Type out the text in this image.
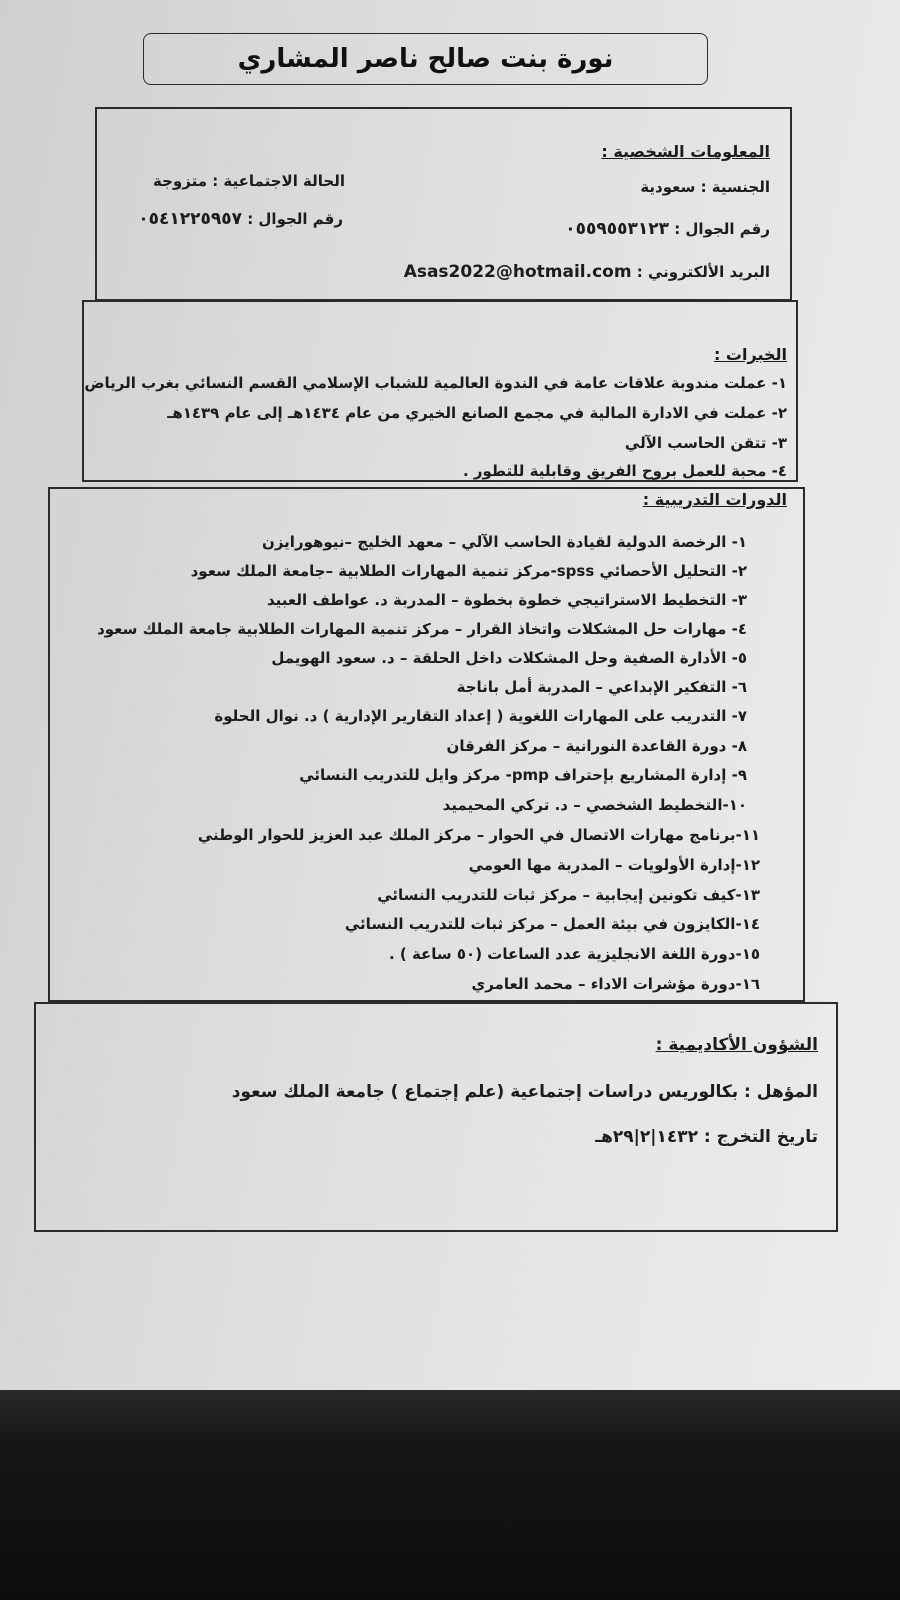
نورة بنت صالح ناصر المشاري
المعلومات الشخصية :
الجنسية : سعودية
الحالة الاجتماعية : متزوجة
رقم الجوال : ٠٥٥٩٥٥٣١٢٣
رقم الجوال : ٠٥٤١٢٢٥٩٥٧
البريد الألكتروني : Asas2022@hotmail.com
الخبرات :
١- عملت مندوبة علاقات عامة في الندوة العالمية للشباب الإسلامي القسم النسائي بغرب الرياض
٢- عملت في الادارة المالية في مجمع الصانع الخيري من عام ١٤٣٤هـ إلى عام ١٤٣٩هـ
٣- تتقن الحاسب الآلي
٤- محبة للعمل بروح الفريق وقابلية للتطور .
الدورات التدريبية :
١- الرخصة الدولية لقيادة الحاسب الآلي – معهد الخليج –نيوهورايزن
٢- التحليل الأحصائي spss-مركز تنمية المهارات الطلابية –جامعة الملك سعود
٣- التخطيط الاستراتيجي خطوة بخطوة – المدربة د. عواطف العبيد
٤- مهارات حل المشكلات واتخاذ القرار – مركز تنمية المهارات الطلابية جامعة الملك سعود
٥- الأدارة الصفية وحل المشكلات داخل الحلقة – د. سعود الهويمل
٦- التفكير الإبداعي – المدربة أمل باناجة
٧- التدريب على المهارات اللغوية ( إعداد التقارير الإدارية ) د. نوال الحلوة
٨- دورة القاعدة النورانية – مركز الفرقان
٩- إدارة المشاريع بإحتراف pmp- مركز وايل للتدريب النسائي
١٠-التخطيط الشخصي – د. تركي المحيميد
١١-برنامج مهارات الاتصال في الحوار – مركز الملك عبد العزيز للحوار الوطني
١٢-إدارة الأولويات – المدربة مها العومي
١٣-كيف تكونين إيجابية – مركز ثبات للتدريب النسائي
١٤-الكايزون في بيئة العمل – مركز ثبات للتدريب النسائي
١٥-دورة اللغة الانجليزية عدد الساعات (٥٠ ساعة ) .
١٦-دورة مؤشرات الاداء – محمد العامري
الشؤون الأكاديمية :
المؤهل : بكالوريس دراسات إجتماعية (علم إجتماع ) جامعة الملك سعود
تاريخ التخرج : ١٤٣٢|٢|٢٩هـ
